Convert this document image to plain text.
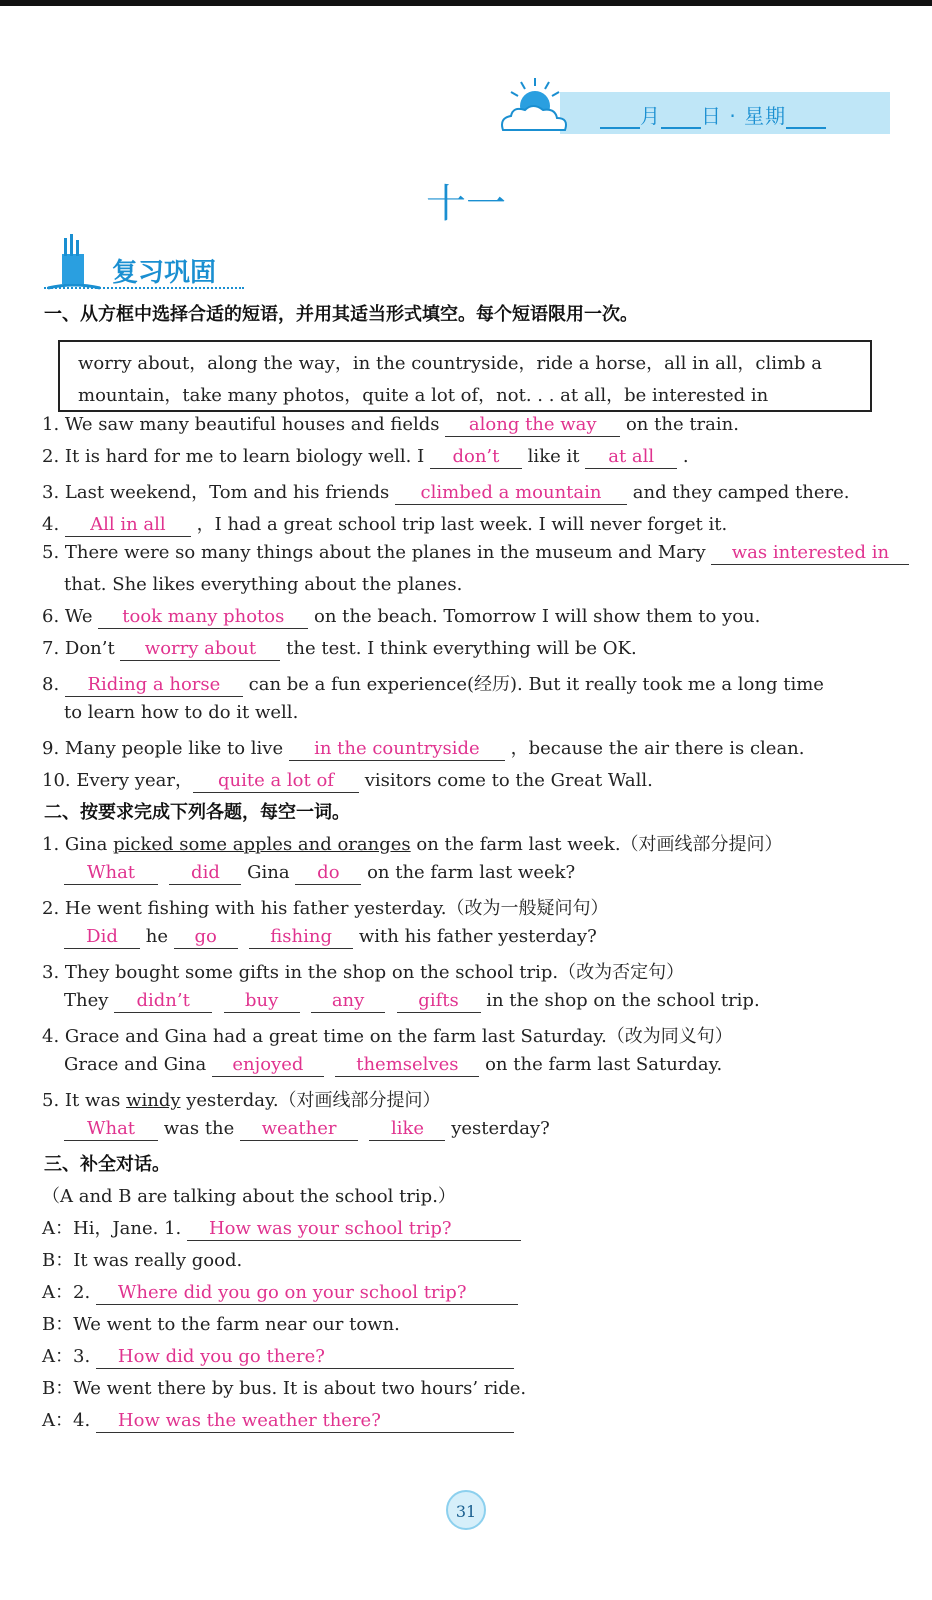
月 日 · 星期
十一
复习巩固
一、从方框中选择合适的短语，并用其适当形式填空。每个短语限用一次。
worry about，along the way，in the countryside，ride a horse，all in all，climb a
mountain，take many photos，quite a lot of，not. . . at all，be interested in
1. We saw many beautiful houses and fields along the way on the train.
2. It is hard for me to learn biology well. I don’t like it at all .
3. Last weekend，Tom and his friends climbed a mountain and they camped there.
4. All in all ，I had a great school trip last week. I will never forget it.
5. There were so many things about the planes in the museum and Mary was interested in
that. She likes everything about the planes.
6. We took many photos on the beach. Tomorrow I will show them to you.
7. Don’t worry about the test. I think everything will be OK.
8. Riding a horse can be a fun experience(经历). But it really took me a long time
to learn how to do it well.
9. Many people like to live in the countryside ，because the air there is clean.
10. Every year， quite a lot of visitors come to the Great Wall.
二、按要求完成下列各题，每空一词。
1. Gina picked some apples and oranges on the farm last week.（对画线部分提问）
What	did Gina do on the farm last week?
2. He went fishing with his father yesterday.（改为一般疑问句）
Did he go	fishing with his father yesterday?
3. They bought some gifts in the shop on the school trip.（改为否定句）
They didn’t	buy	any	gifts in the shop on the school trip.
4. Grace and Gina had a great time on the farm last Saturday.（改为同义句）
Grace and Gina enjoyed	themselves on the farm last Saturday.
5. It was windy yesterday.（对画线部分提问）
What was the weather	like yesterday?
三、补全对话。
（A and B are talking about the school trip.）
A：Hi，Jane. 1. How was your school trip?
B：It was really good.
A：2. Where did you go on your school trip?
B：We went to the farm near our town.
A：3. How did you go there?
B：We went there by bus. It is about two hours’ ride.
A：4. How was the weather there?
31
